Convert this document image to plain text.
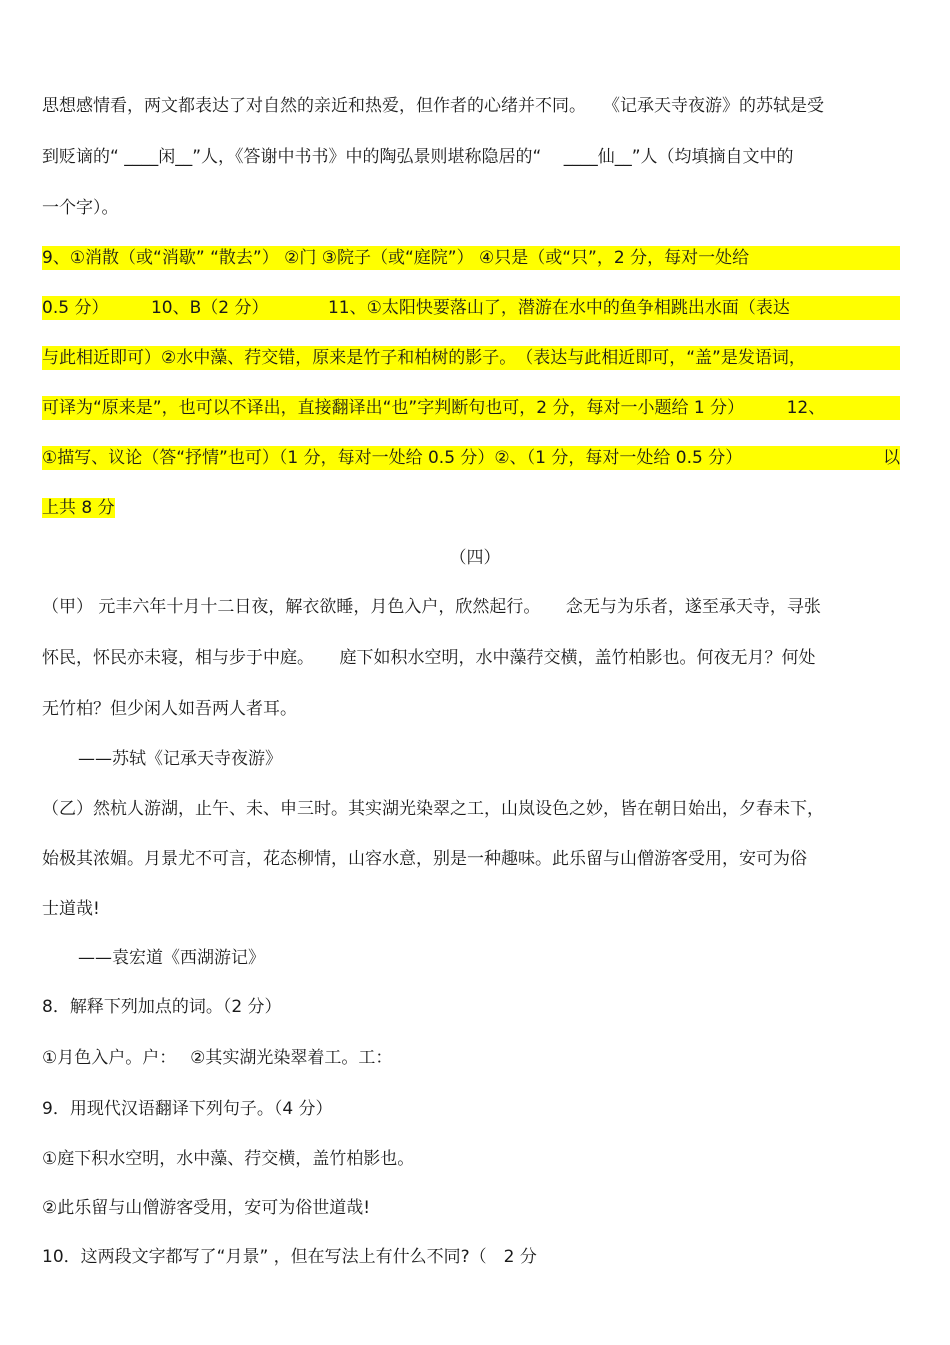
思想感情看，两文都表达了对自然的亲近和热爱，但作者的心绪并不同。　　《记承天寺夜游》的苏轼是受
到贬谪的“ ____闲__”人，《答谢中书书》中的陶弘景则堪称隐居的“　 ____仙__”人（均填摘自文中的
一个字）。
9、①消散（或“消歇” “散去”） ②门 ③院子（或“庭院”） ④只是（或“只”，2 分，每对一处给
0.5 分）　　　10、B（2 分）　　　　11、①太阳快要落山了，潜游在水中的鱼争相跳出水面（表达
与此相近即可）②水中藻、荇交错，原来是竹子和柏树的影子。　（表达与此相近即可，“盖”是发语词，
可译为“原来是”，也可以不译出，直接翻译出“也”字判断句也可，2 分，每对一小题给 1 分）　　　12、
①描写、议论（答“抒情”也可）（1 分，每对一处给 0.5 分）②、（1 分，每对一处给 0.5 分）	以
上共 8 分
（四）
（甲） 元丰六年十月十二日夜，解衣欲睡，月色入户，欣然起行。　　念无与为乐者，遂至承天寺，寻张
怀民，怀民亦未寝，相与步于中庭。　　庭下如积水空明，水中藻荇交横，盖竹柏影也。何夜无月？何处
无竹柏？但少闲人如吾两人者耳。
——苏轼《记承天寺夜游》
（乙）然杭人游湖，止午、未、申三时。其实湖光染翠之工，山岚设色之妙，皆在朝日始出，夕春未下，
始极其浓媚。月景尤不可言，花态柳情，山容水意，别是一种趣味。此乐留与山僧游客受用，安可为俗
士道哉!
——袁宏道《西湖游记》
8．解释下列加点的词。（2 分）
①月色入户。户：　 ②其实湖光染翠着工。工：
9．用现代汉语翻译下列句子。（4 分）
①庭下积水空明，水中藻、荇交横，盖竹柏影也。
②此乐留与山僧游客受用，安可为俗世道哉!
10．这两段文字都写了“月景” ，但在写法上有什么不同?（　2 分
